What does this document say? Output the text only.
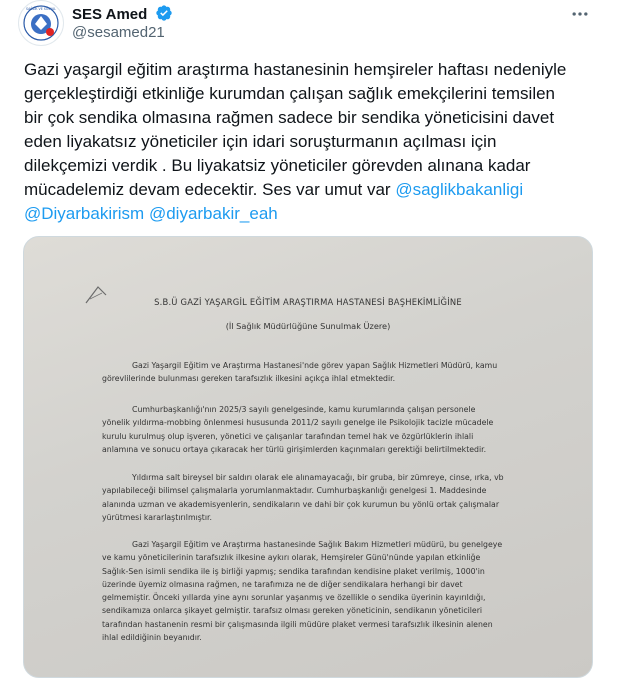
SAĞLIK VE SOSYAL SES Amed
@sesamed21
Gazi yaşargil eğitim araştırma hastanesinin hemşireler haftası nedeniyle
gerçekleştirdiği etkinliğe kurumdan çalışan sağlık emekçilerini temsilen
bir çok sendika olmasına rağmen sadece bir sendika yöneticisini davet
eden liyakatsız yöneticiler için idari soruşturmanın açılması için
dilekçemizi verdik . Bu liyakatsiz yöneticiler görevden alınana kadar
mücadelemiz devam edecektir. Ses var umut var @saglikbakanligi
@Diyarbakirism @diyarbakir_eah
S.B.Ü GAZİ YAŞARGİL EĞİTİM ARAŞTIRMA HASTANESİ BAŞHEKİMLİĞİNE
(İl Sağlık Müdürlüğüne Sunulmak Üzere)
Gazi Yaşargil Eğitim ve Araştırma Hastanesi'nde görev yapan Sağlık Hizmetleri Müdürü, kamu
görevlilerinde bulunması gereken tarafsızlık ilkesini açıkça ihlal etmektedir.
Cumhurbaşkanlığı'nın 2025/3 sayılı genelgesinde, kamu kurumlarında çalışan personele
yönelik yıldırma-mobbing önlenmesi hususunda 2011/2 sayılı genelge ile Psikolojik tacizle mücadele
kurulu kurulmuş olup işveren, yönetici ve çalışanlar tarafından temel hak ve özgürlüklerin ihlali
anlamına ve sonucu ortaya çıkaracak her türlü girişimlerden kaçınmaları gerektiği belirtilmektedir.
Yıldırma salt bireysel bir saldırı olarak ele alınamayacağı, bir gruba, bir zümreye, cinse, ırka, vb
yapılabileceği bilimsel çalışmalarla yorumlanmaktadır. Cumhurbaşkanlığı genelgesi 1. Maddesinde
alanında uzman ve akademisyenlerin, sendikaların ve dahi bir çok kurumun bu yönlü ortak çalışmalar
yürütmesi kararlaştırılmıştır.
Gazi Yaşargil Eğitim ve Araştırma hastanesinde Sağlık Bakım Hizmetleri müdürü, bu genelgeye
ve kamu yöneticilerinin tarafsızlık ilkesine aykırı olarak, Hemşireler Günü'nünde yapılan etkinliğe
Sağlık-Sen isimli sendika ile iş birliği yapmış; sendika tarafından kendisine plaket verilmiş, 1000'in
üzerinde üyemiz olmasına rağmen, ne tarafımıza ne de diğer sendikalara herhangi bir davet
gelmemiştir. Önceki yıllarda yine aynı sorunlar yaşanmış ve özellikle o sendika üyerinin kayırıldığı,
sendikamıza onlarca şikayet gelmiştir. tarafsız olması gereken yöneticinin, sendikanın yöneticileri
tarafından hastanenin resmi bir çalışmasında ilgili müdüre plaket vermesi tarafsızlık ilkesinin alenen
ihlal edildiğinin beyanıdır.
